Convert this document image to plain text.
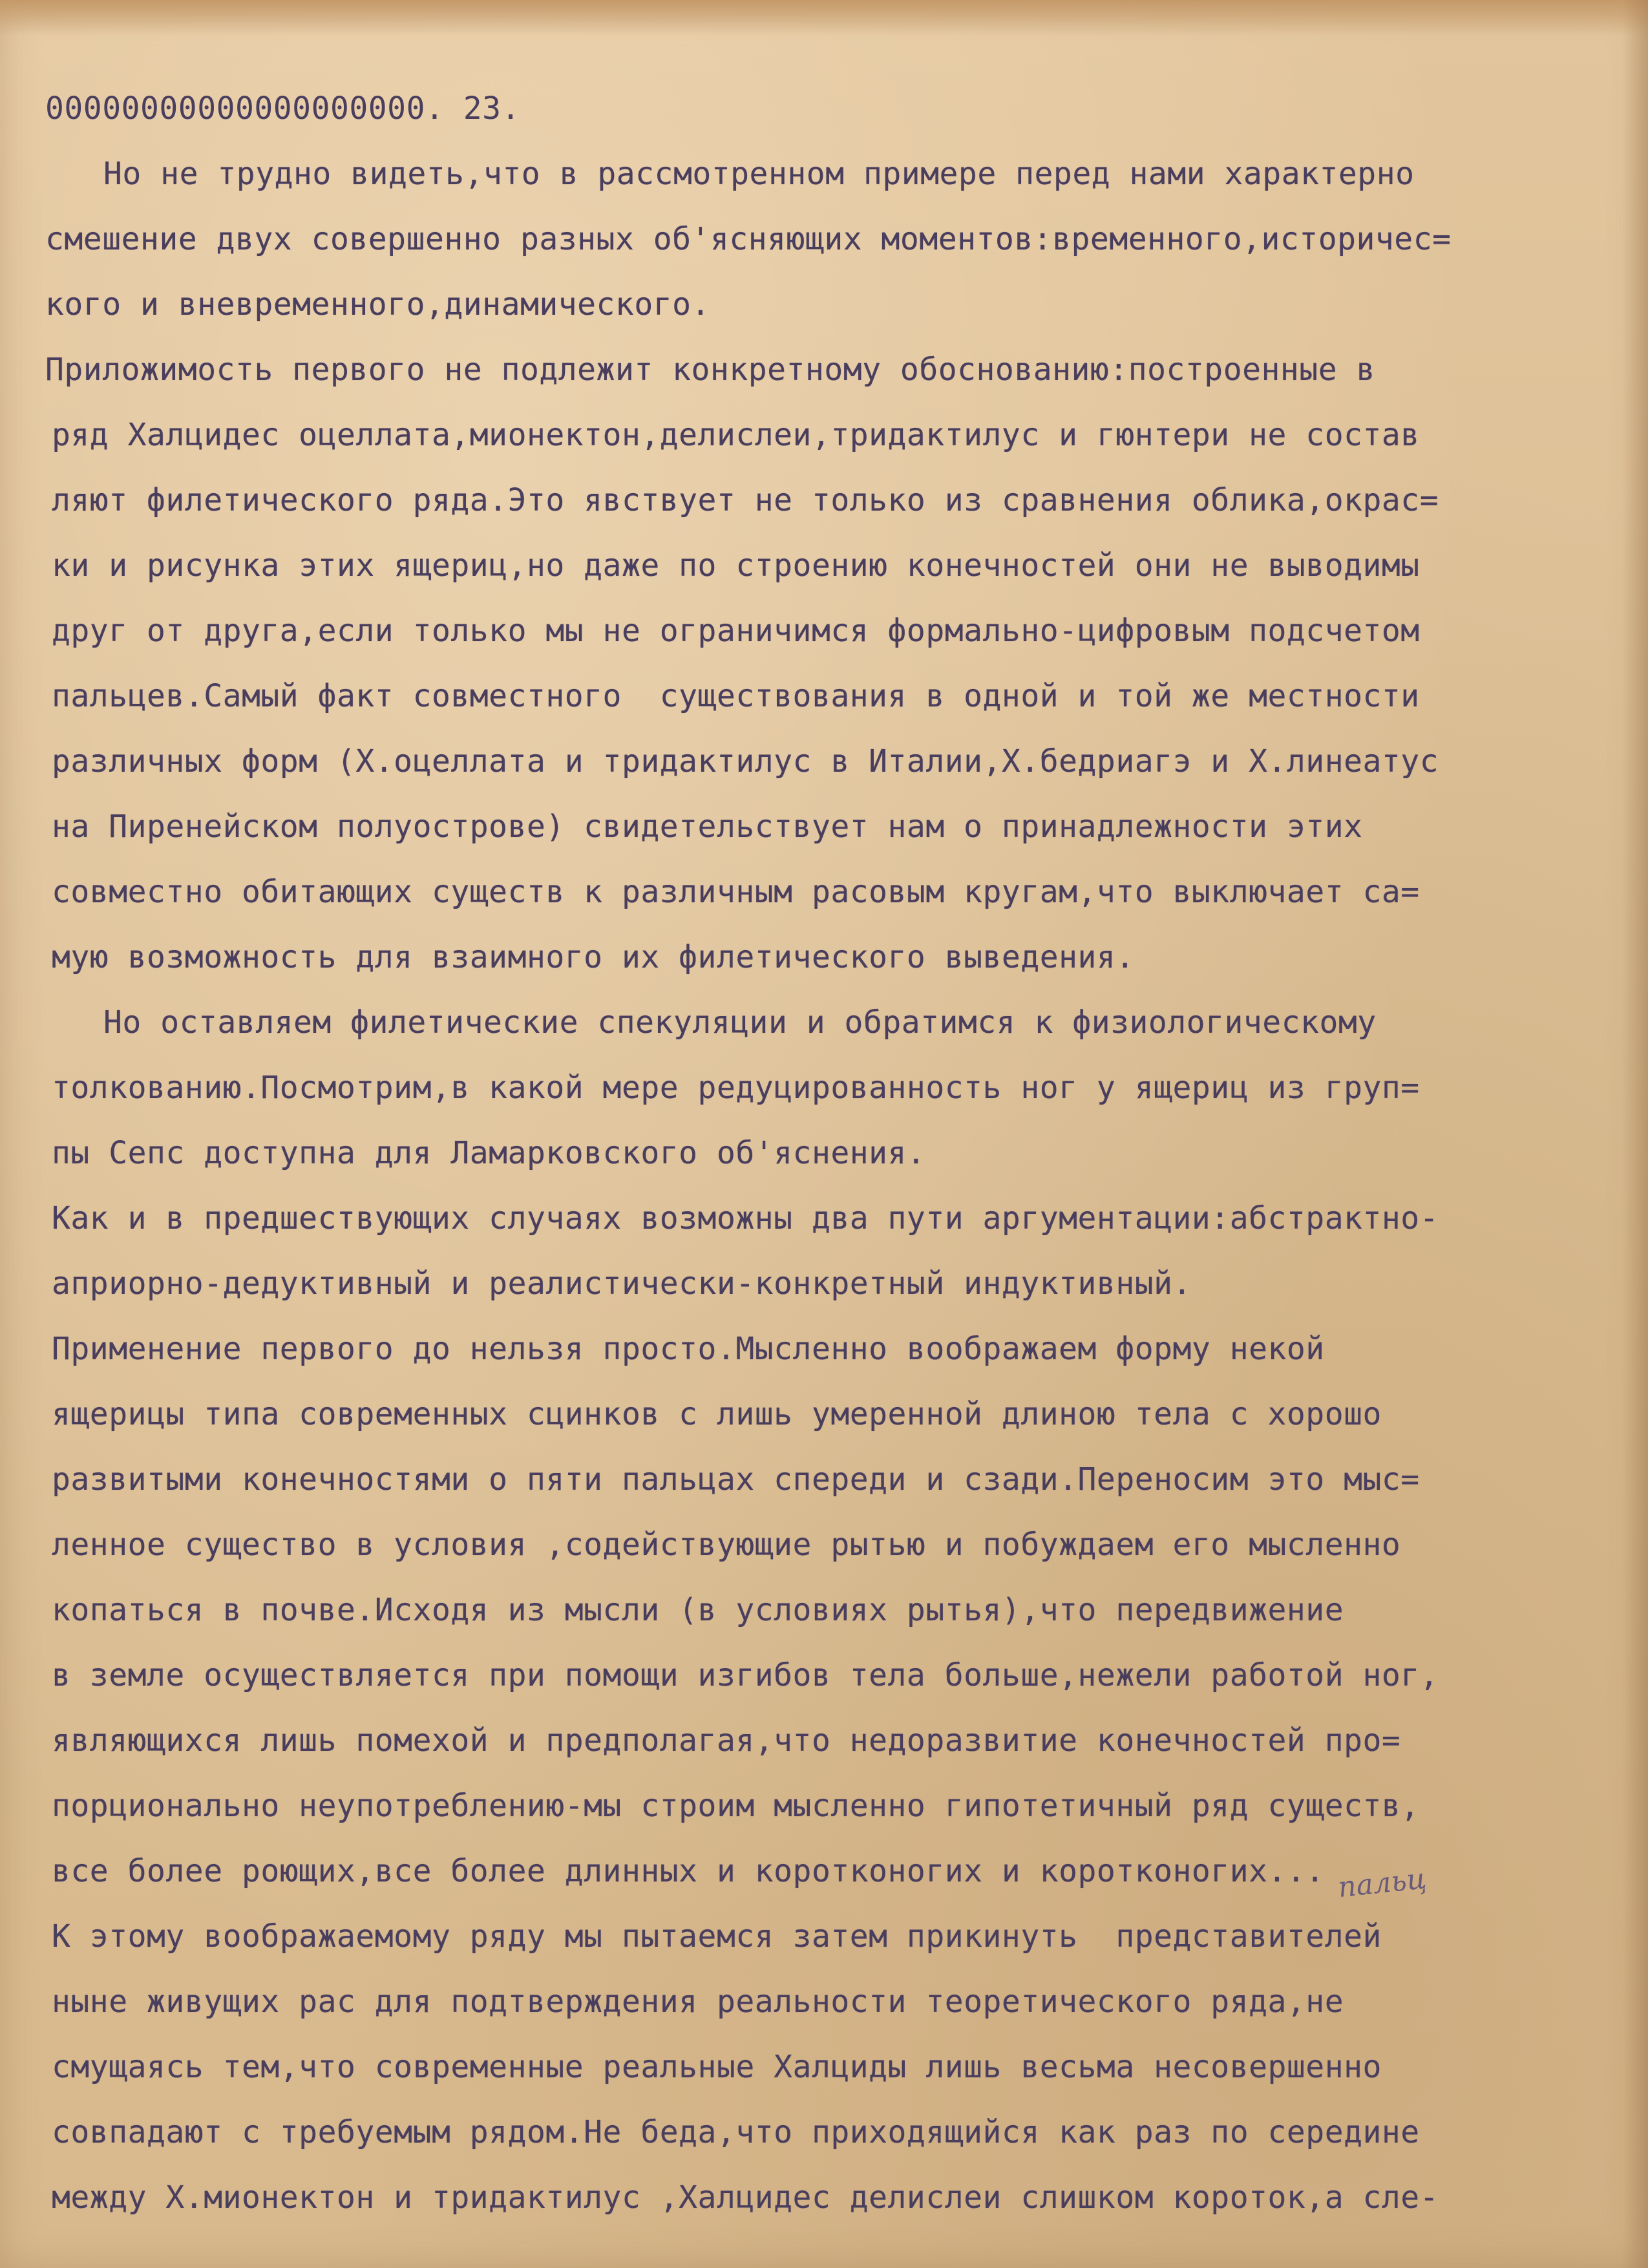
00000000000000000000. 23.
Но не трудно видеть,что в рассмотренном примере перед нами характерно
смешение двух совершенно разных об'ясняющих моментов:временного,историчес=
кого и вневременного,динамического.
Приложимость первого не подлежит конкретному обоснованию:построенные в
ряд Халцидес оцеллата,мионектон,делислеи,тридактилус и гюнтери не состав
ляют филетического ряда.Это явствует не только из сравнения облика,окрас=
ки и рисунка этих ящериц,но даже по строению конечностей они не выводимы
друг от друга,если только мы не ограничимся формально-цифровым подсчетом
пальцев.Самый факт совместного  существования в одной и той же местности
различных форм (Х.оцеллата и тридактилус в Италии,Х.бедриагэ и Х.линеатус
на Пиренейском полуострове) свидетельствует нам о принадлежности этих
совместно обитающих существ к различным расовым кругам,что выключает са=
мую возможность для взаимного их филетического выведения.
Но оставляем филетические спекуляции и обратимся к физиологическому
толкованию.Посмотрим,в какой мере редуцированность ног у ящериц из груп=
пы Сепс доступна для Ламарковского об'яснения.
Как и в предшествующих случаях возможны два пути аргументации:абстрактно-
априорно-дедуктивный и реалистически-конкретный индуктивный.
Применение первого до нельзя просто.Мысленно воображаем форму некой
ящерицы типа современных сцинков с лишь умеренной длиною тела с хорошо
развитыми конечностями о пяти пальцах спереди и сзади.Переносим это мыс=
ленное существо в условия ,содействующие рытью и побуждаем его мысленно
копаться в почве.Исходя из мысли (в условиях рытья),что передвижение
в земле осуществляется при помощи изгибов тела больше,нежели работой ног,
являющихся лишь помехой и предполагая,что недоразвитие конечностей про=
порционально неупотреблению-мы строим мысленно гипотетичный ряд существ,
все более роющих,все более длинных и коротконогих и коротконогих...
К этому воображаемому ряду мы пытаемся затем прикинуть  представителей
ныне живущих рас для подтверждения реальности теоретического ряда,не
смущаясь тем,что современные реальные Халциды лишь весьма несовершенно
совпадают с требуемым рядом.Не беда,что приходящийся как раз по середине
между Х.мионектон и тридактилус ,Халцидес делислеи слишком короток,а сле-
пальц
